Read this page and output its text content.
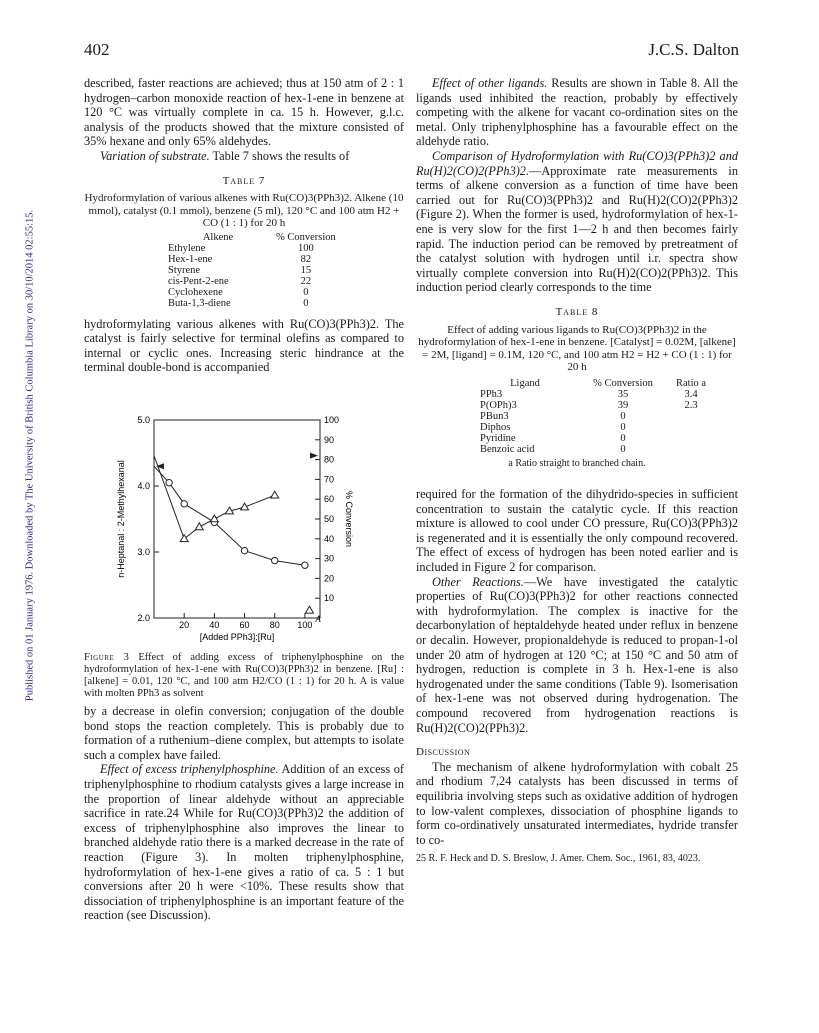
Published on 01 January 1976. Downloaded by The University of British Columbia Library on 30/10/2014 02:55:15.
402	J.C.S. Dalton

described, faster reactions are achieved; thus at 150 atm of 2 : 1 hydrogen–carbon monoxide reaction of hex-1-ene in benzene at 120 °C was virtually complete in ca. 15 h. However, g.l.c. analysis of the products showed that the mixture consisted of 35% hexane and only 65% aldehydes.

Variation of substrate. Table 7 shows the results of

Table 7
Hydroformylation of various alkenes with Ru(CO)3(PPh3)2. Alkene (10 mmol), catalyst (0.1 mmol), benzene (5 ml), 120 °C and 100 atm H2 + CO (1 : 1) for 20 h
Alkene	% Conversion
Ethylene	100
Hex-1-ene	82
Styrene	15
cis-Pent-2-ene	22
Cyclohexene	0
Buta-1,3-diene	0

hydroformylating various alkenes with Ru(CO)3(PPh3)2. The catalyst is fairly selective for terminal olefins as compared to internal or cyclic ones. Increasing steric hindrance at the terminal double-bond is accompanied

2.0
3.0
4.0
5.0
10
20
30
40
50
60
70
80
90
100
20 40 60 80 100
[Added PPh3]:[Ru]
n-Heptanal : 2-Methylhexanal	% Conversion
A
Figure 3 Effect of adding excess of triphenylphosphine on the hydroformylation of hex-1-ene with Ru(CO)3(PPh3)2 in benzene. [Ru] : [alkene] = 0.01, 120 °C, and 100 atm H2/CO (1 : 1) for 20 h. A is value with molten PPh3 as solvent

by a decrease in olefin conversion; conjugation of the double bond stops the reaction completely. This is probably due to formation of a ruthenium–diene complex, but attempts to isolate such a complex have failed.

Effect of excess triphenylphosphine. Addition of an excess of triphenylphosphine to rhodium catalysts gives a large increase in the proportion of linear aldehyde without an appreciable sacrifice in rate.24 While for Ru(CO)3(PPh3)2 the addition of excess of triphenylphosphine also improves the linear to branched aldehyde ratio there is a marked decrease in the rate of reaction (Figure 3). In molten triphenylphosphine, hydroformylation of hex-1-ene gives a ratio of ca. 5 : 1 but conversions after 20 h were <10%. These results show that dissociation of triphenylphosphine is an important feature of the reaction (see Discussion).

Effect of other ligands. Results are shown in Table 8. All the ligands used inhibited the reaction, probably by effectively competing with the alkene for vacant co-ordination sites on the metal. Only triphenylphosphine has a favourable effect on the aldehyde ratio.

Comparison of Hydroformylation with Ru(CO)3(PPh3)2 and Ru(H)2(CO)2(PPh3)2.—Approximate rate measurements in terms of alkene conversion as a function of time have been carried out for Ru(CO)3(PPh3)2 and Ru(H)2(CO)2(PPh3)2 (Figure 2). When the former is used, hydroformylation of hex-1-ene is very slow for the first 1—2 h and then becomes fairly rapid. The induction period can be removed by pretreatment of the catalyst solution with hydrogen until i.r. spectra show virtually complete conversion into Ru(H)2(CO)2(PPh3)2. This induction period clearly corresponds to the time

Table 8
Effect of adding various ligands to Ru(CO)3(PPh3)2 in the hydroformylation of hex-1-ene in benzene. [Catalyst] = 0.02M, [alkene] = 2M, [ligand] = 0.1M, 120 °C, and 100 atm H2 = H2 + CO (1 : 1) for 20 h
Ligand	% Conversion	Ratio a
PPh3	35	3.4
P(OPh)3	39	2.3
PBun3	0	
Diphos	0	
Pyridine	0	
Benzoic acid	0	
a Ratio straight to branched chain.

required for the formation of the dihydrido-species in sufficient concentration to sustain the catalytic cycle. If this reaction mixture is allowed to cool under CO pressure, Ru(CO)3(PPh3)2 is regenerated and it is essentially the only compound recovered. The effect of excess of hydrogen has been noted earlier and is included in Figure 2 for comparison.

Other Reactions.—We have investigated the catalytic properties of Ru(CO)3(PPh3)2 for other reactions connected with hydroformylation. The complex is inactive for the decarbonylation of heptaldehyde heated under reflux in benzene or decalin. However, propionaldehyde is reduced to propan-1-ol under 20 atm of hydrogen at 120 °C; at 150 °C and 50 atm of hydrogen, reduction is complete in 3 h. Hex-1-ene is also hydrogenated under the same conditions (Table 9). Isomerisation of hex-1-ene was not observed during hydrogenation. The compound recovered from hydrogenation reactions is Ru(H)2(CO)2(PPh3)2.

Discussion

The mechanism of alkene hydroformylation with cobalt 25 and rhodium 7,24 catalysts has been discussed in terms of equilibria involving steps such as oxidative addition of hydrogen to low-valent complexes, dissociation of phosphine ligands to form co-ordinatively unsaturated intermediates, hydride transfer to co-

25 R. F. Heck and D. S. Breslow, J. Amer. Chem. Soc., 1961, 83, 4023.
